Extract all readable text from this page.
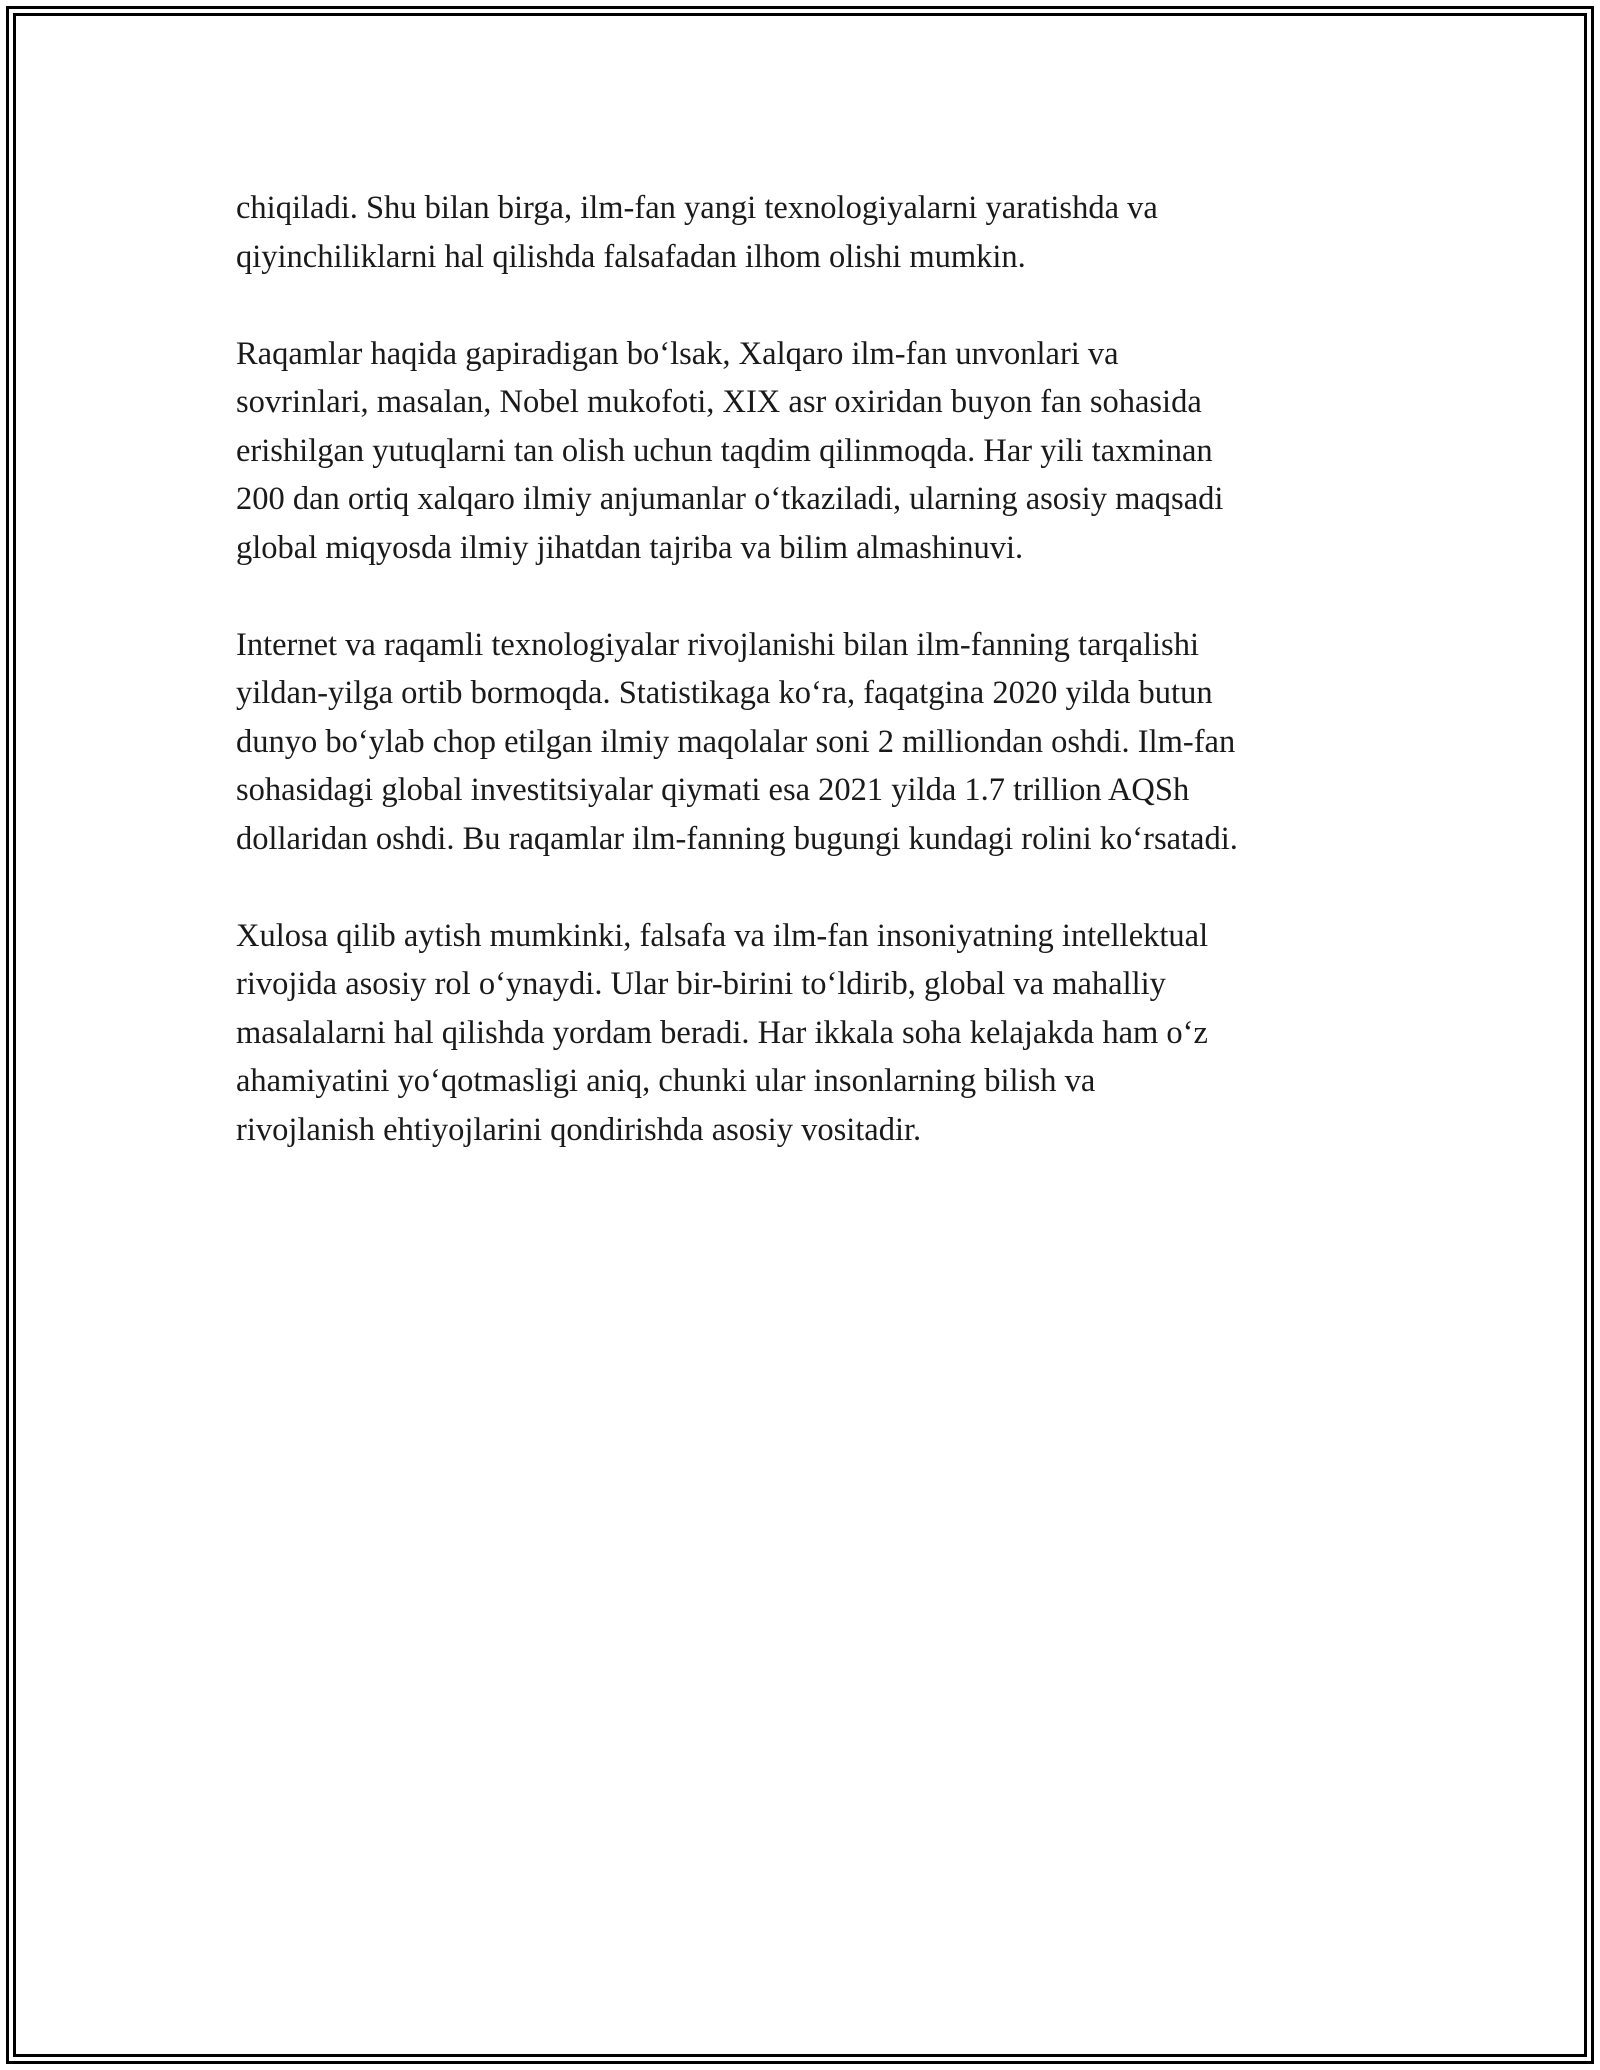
chiqiladi. Shu bilan birga, ilm-fan yangi texnologiyalarni yaratishda va
qiyinchiliklarni hal qilishda falsafadan ilhom olishi mumkin.

Raqamlar haqida gapiradigan boʻlsak, Xalqaro ilm-fan unvonlari va
sovrinlari, masalan, Nobel mukofoti, XIX asr oxiridan buyon fan sohasida
erishilgan yutuqlarni tan olish uchun taqdim qilinmoqda. Har yili taxminan
200 dan ortiq xalqaro ilmiy anjumanlar oʻtkaziladi, ularning asosiy maqsadi
global miqyosda ilmiy jihatdan tajriba va bilim almashinuvi.

Internet va raqamli texnologiyalar rivojlanishi bilan ilm-fanning tarqalishi
yildan-yilga ortib bormoqda. Statistikaga koʻra, faqatgina 2020 yilda butun
dunyo boʻylab chop etilgan ilmiy maqolalar soni 2 milliondan oshdi. Ilm-fan
sohasidagi global investitsiyalar qiymati esa 2021 yilda 1.7 trillion AQSh
dollaridan oshdi. Bu raqamlar ilm-fanning bugungi kundagi rolini koʻrsatadi.

Xulosa qilib aytish mumkinki, falsafa va ilm-fan insoniyatning intellektual
rivojida asosiy rol oʻynaydi. Ular bir-birini toʻldirib, global va mahalliy
masalalarni hal qilishda yordam beradi. Har ikkala soha kelajakda ham oʻz
ahamiyatini yoʻqotmasligi aniq, chunki ular insonlarning bilish va
rivojlanish ehtiyojlarini qondirishda asosiy vositadir.
